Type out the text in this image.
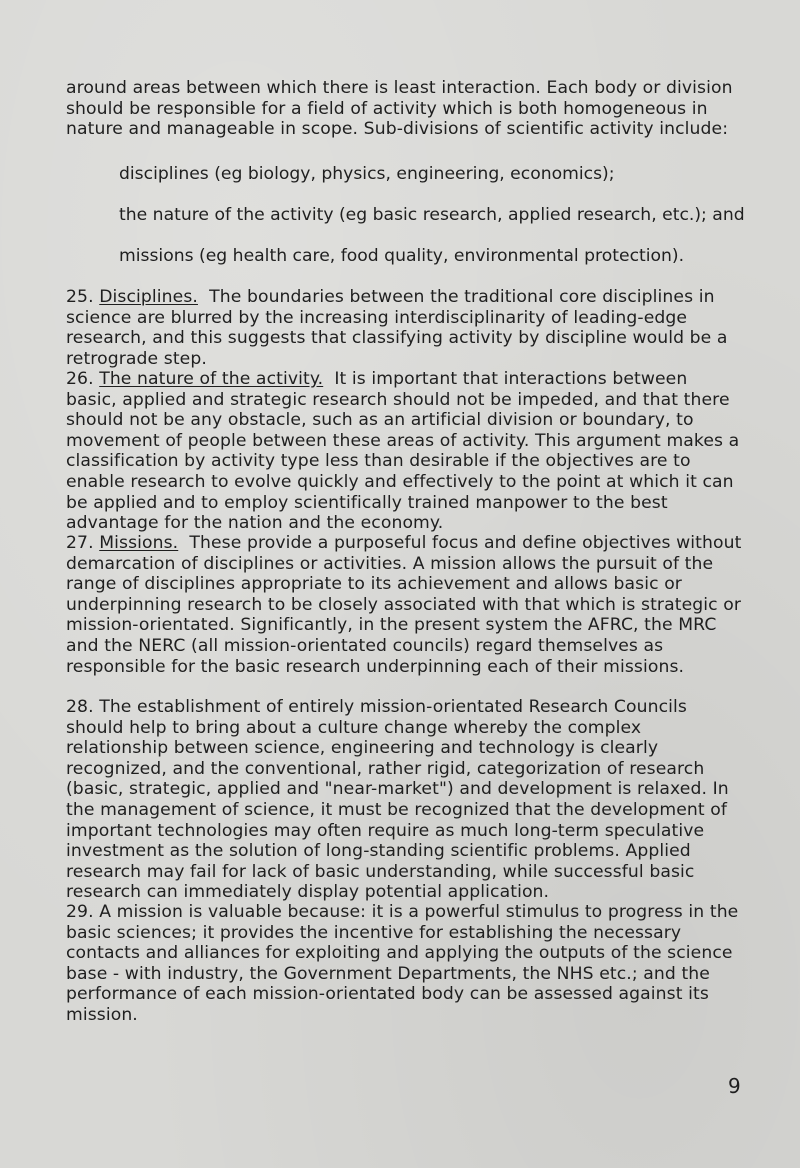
around areas between which there is least interaction. Each body or division should be responsible for a field of activity which is both homogeneous in nature and manageable in scope. Sub-divisions of scientific activity include:
disciplines (eg biology, physics, engineering, economics);
the nature of the activity (eg basic research, applied research, etc.); and
missions (eg health care, food quality, environmental protection).
25. Disciplines. The boundaries between the traditional core disciplines in science are blurred by the increasing interdisciplinarity of leading-edge research, and this suggests that classifying activity by discipline would be a retrograde step.
26. The nature of the activity. It is important that interactions between basic, applied and strategic research should not be impeded, and that there should not be any obstacle, such as an artificial division or boundary, to movement of people between these areas of activity. This argument makes a classification by activity type less than desirable if the objectives are to enable research to evolve quickly and effectively to the point at which it can be applied and to employ scientifically trained manpower to the best advantage for the nation and the economy.
27. Missions. These provide a purposeful focus and define objectives without demarcation of disciplines or activities. A mission allows the pursuit of the range of disciplines appropriate to its achievement and allows basic or underpinning research to be closely associated with that which is strategic or mission-orientated. Significantly, in the present system the AFRC, the MRC and the NERC (all mission-orientated councils) regard themselves as responsible for the basic research underpinning each of their missions.
28. The establishment of entirely mission-orientated Research Councils should help to bring about a culture change whereby the complex relationship between science, engineering and technology is clearly recognized, and the conventional, rather rigid, categorization of research (basic, strategic, applied and "near-market") and development is relaxed. In the management of science, it must be recognized that the development of important technologies may often require as much long-term speculative investment as the solution of long-standing scientific problems. Applied research may fail for lack of basic understanding, while successful basic research can immediately display potential application.
29. A mission is valuable because: it is a powerful stimulus to progress in the basic sciences; it provides the incentive for establishing the necessary contacts and alliances for exploiting and applying the outputs of the science base - with industry, the Government Departments, the NHS etc.; and the performance of each mission-orientated body can be assessed against its mission.
9
